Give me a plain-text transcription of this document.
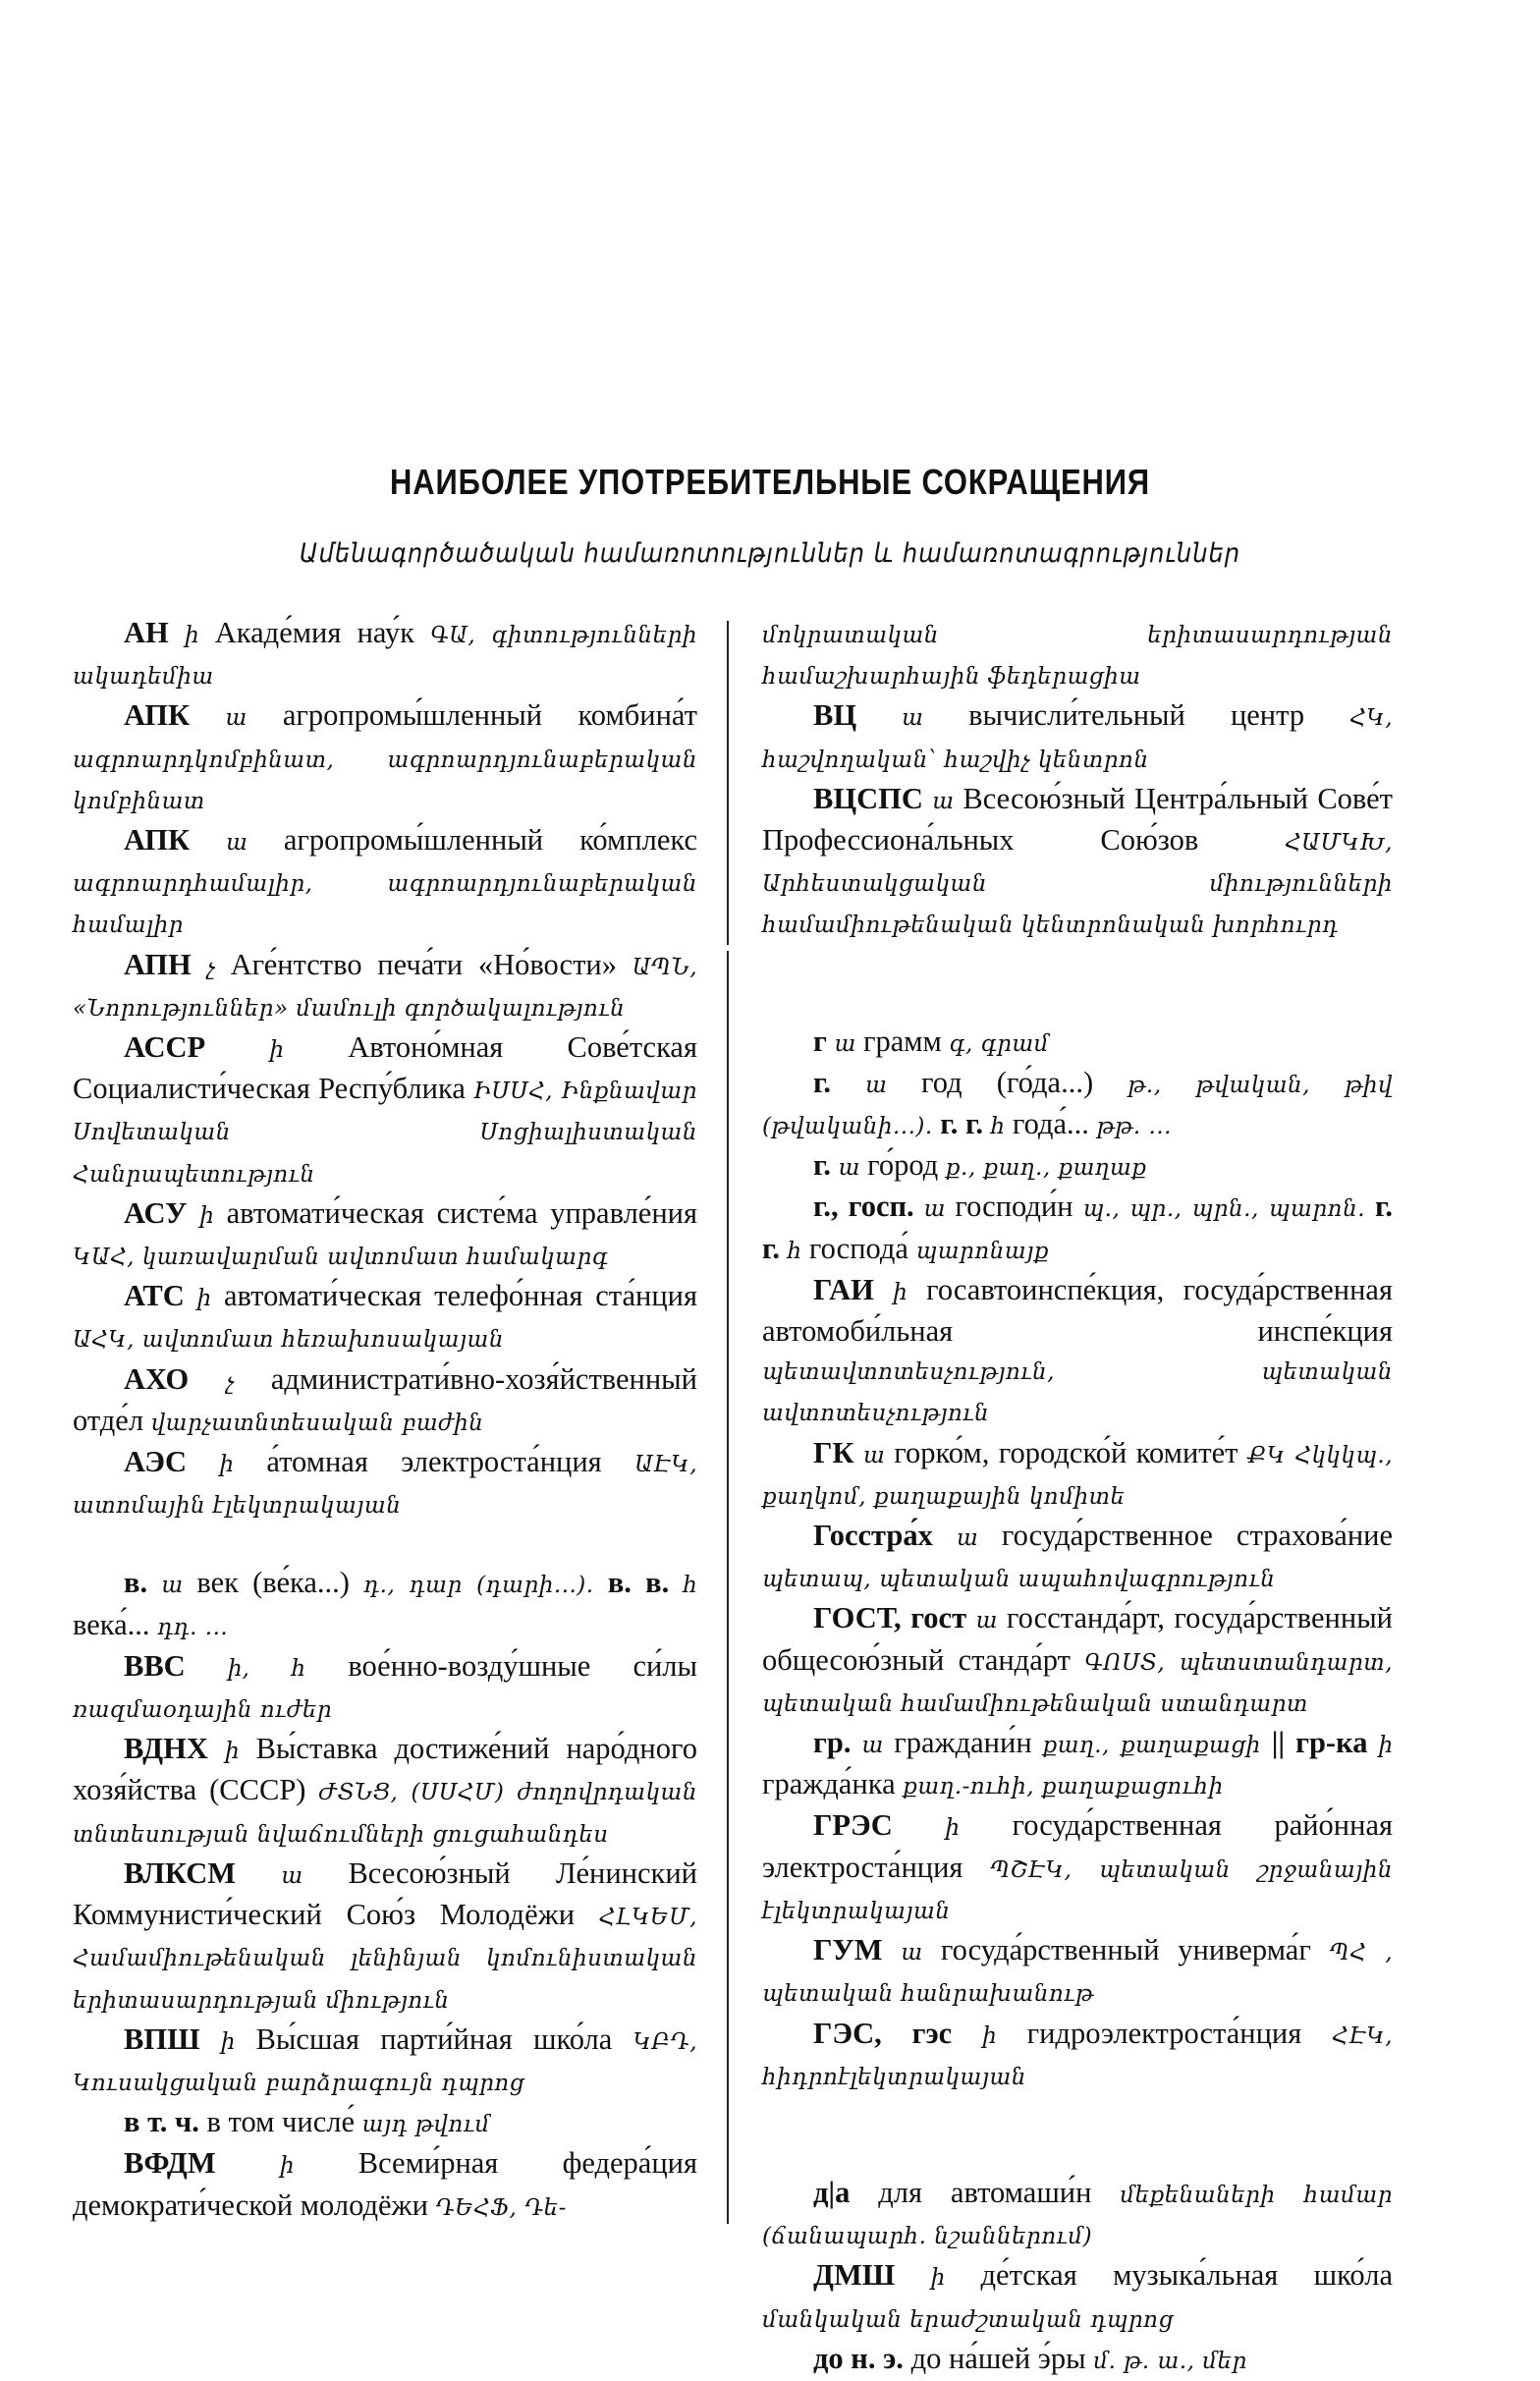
НАИБОЛЕЕ УПОТРЕБИТЕЛЬНЫЕ СОКРАЩЕНИЯ
Ամենագործածական համառոտություններ և համառոտագրություններ

АН ի Акаде́мия нау́к ԳԱ, գիտությունների ակադեմիա

АПК ա агропромы́шленный комбина́т ագրոարդկոմբինատ, ագրոարդյունաբերական կոմբինատ

АПК ա агропромы́шленный ко́мплекс ագրոարդհամալիր, ագրոարդյունաբերական համալիր

АПН չ Аге́нтство печа́ти «Но́вости» ԱՊՆ, «Նորություններ» մամուլի գործակալություն

АССР	ի Автоно́мная Сове́тская Социалисти́ческая Респу́блика ԻՍՍՀ, Ինքնավար Սովետական Սոցիալիստական Հանրապետություն

АСУ ի автомати́ческая систе́ма управле́ния ԿԱՀ, կառավարման ավտոմատ համակարգ

АТС ի автомати́ческая телефо́нная ста́нция ԱՀԿ, ավտոմատ հեռախոսակայան

АХО չ администрати́вно-хозя́йственный отде́л վարչատնտեսական բաժին

АЭС ի а́томная электроста́нция ԱԷԿ, ատոմային էլեկտրակայան

в. ա век (ве́ка...) դ., դար (դարի...). в. в. հ века́... դդ. ...

ВВС ի, հ вое́нно-возду́шные си́лы ռազմաօդային ուժեր

ВДНХ ի Вы́ставка достиже́ний наро́дного хозя́йства (СССР) ԺՏՆՑ, (ՍՍՀՄ) ժողովրդական տնտեսության նվաճումների ցուցահանդես

ВЛКСМ ա Всесою́зный Ле́нинский Коммунисти́ческий Сою́з Молодёжи ՀԼԿԵՄ, Համամիութենական լենինյան կոմունիստական երիտասարդության միություն

ВПШ ի Вы́сшая парти́йная шко́ла ԿԲԴ, Կուսակցական բարձրագույն դպրոց

в т. ч. в том числе́ այդ թվում

ВФДМ	ի Всеми́рная федера́ция демократи́ческой молодёжи ԴԵՀՖ, Դե-

մոկրատական երիտասարդության համաշխարհային ֆեդերացիա

ВЦ ա вычисли́тельный центр ՀԿ, հաշվողական՝ հաշվիչ կենտրոն

ВЦСПС ա Всесою́зный Центра́льный Сове́т Профессиона́льных Сою́зов	ՀԱՄԿԽ, Արհեստակցական միությունների համամիութենական կենտրոնական խորհուրդ

г ա грамм գ, գրամ

г. ա год (го́да...) թ., թվական, թիվ (թվականի...). г. г. հ года́... թթ. ...

г. ա го́род ք., քաղ., քաղաք

г., госп. ա господи́н պ., պր., պրն., պարոն. г. г. հ господа́ պարոնայք

ГАИ ի госавтоинспе́кция, госуда́рственная автомоби́льная инспе́кция պետավտոտեսչություն, պետական ավտոտեսչություն

ГК ա горко́м, городско́й комите́т ՔԿ Հկկկպ., քաղկոմ, քաղաքային կոմիտե

Госстра́х ա госуда́рственное страхова́ние պետապ, պետական ապահովագրություն

ГОСТ, гост ա госстанда́рт, госуда́рственный общесою́зный станда́рт ԳՈՍՏ, պետստանդարտ, պետական համամիութենական ստանդարտ

гр. ա граждани́н քաղ., քաղաքացի || гр-ка ի гражда́нка քաղ.-ուհի, քաղաքացուհի

ГРЭС ի госуда́рственная райо́нная электроста́нция ՊՇԷԿ, պետական շրջանային էլեկտրակայան

ГУМ ա госуда́рственный универма́г ՊՀ , պետական հանրախանութ

ГЭС, гэс ի гидроэлектроста́нция ՀԷԿ, հիդրոէլեկտրակայան

д|а для автомаши́н մեքենաների համար (ճանապարհ. նշաններում)

ДМШ ի де́тская музыка́льная шко́ла մանկական երաժշտական դպրոց

до н. э. до на́шей э́ры մ. թ. ա., մեր
